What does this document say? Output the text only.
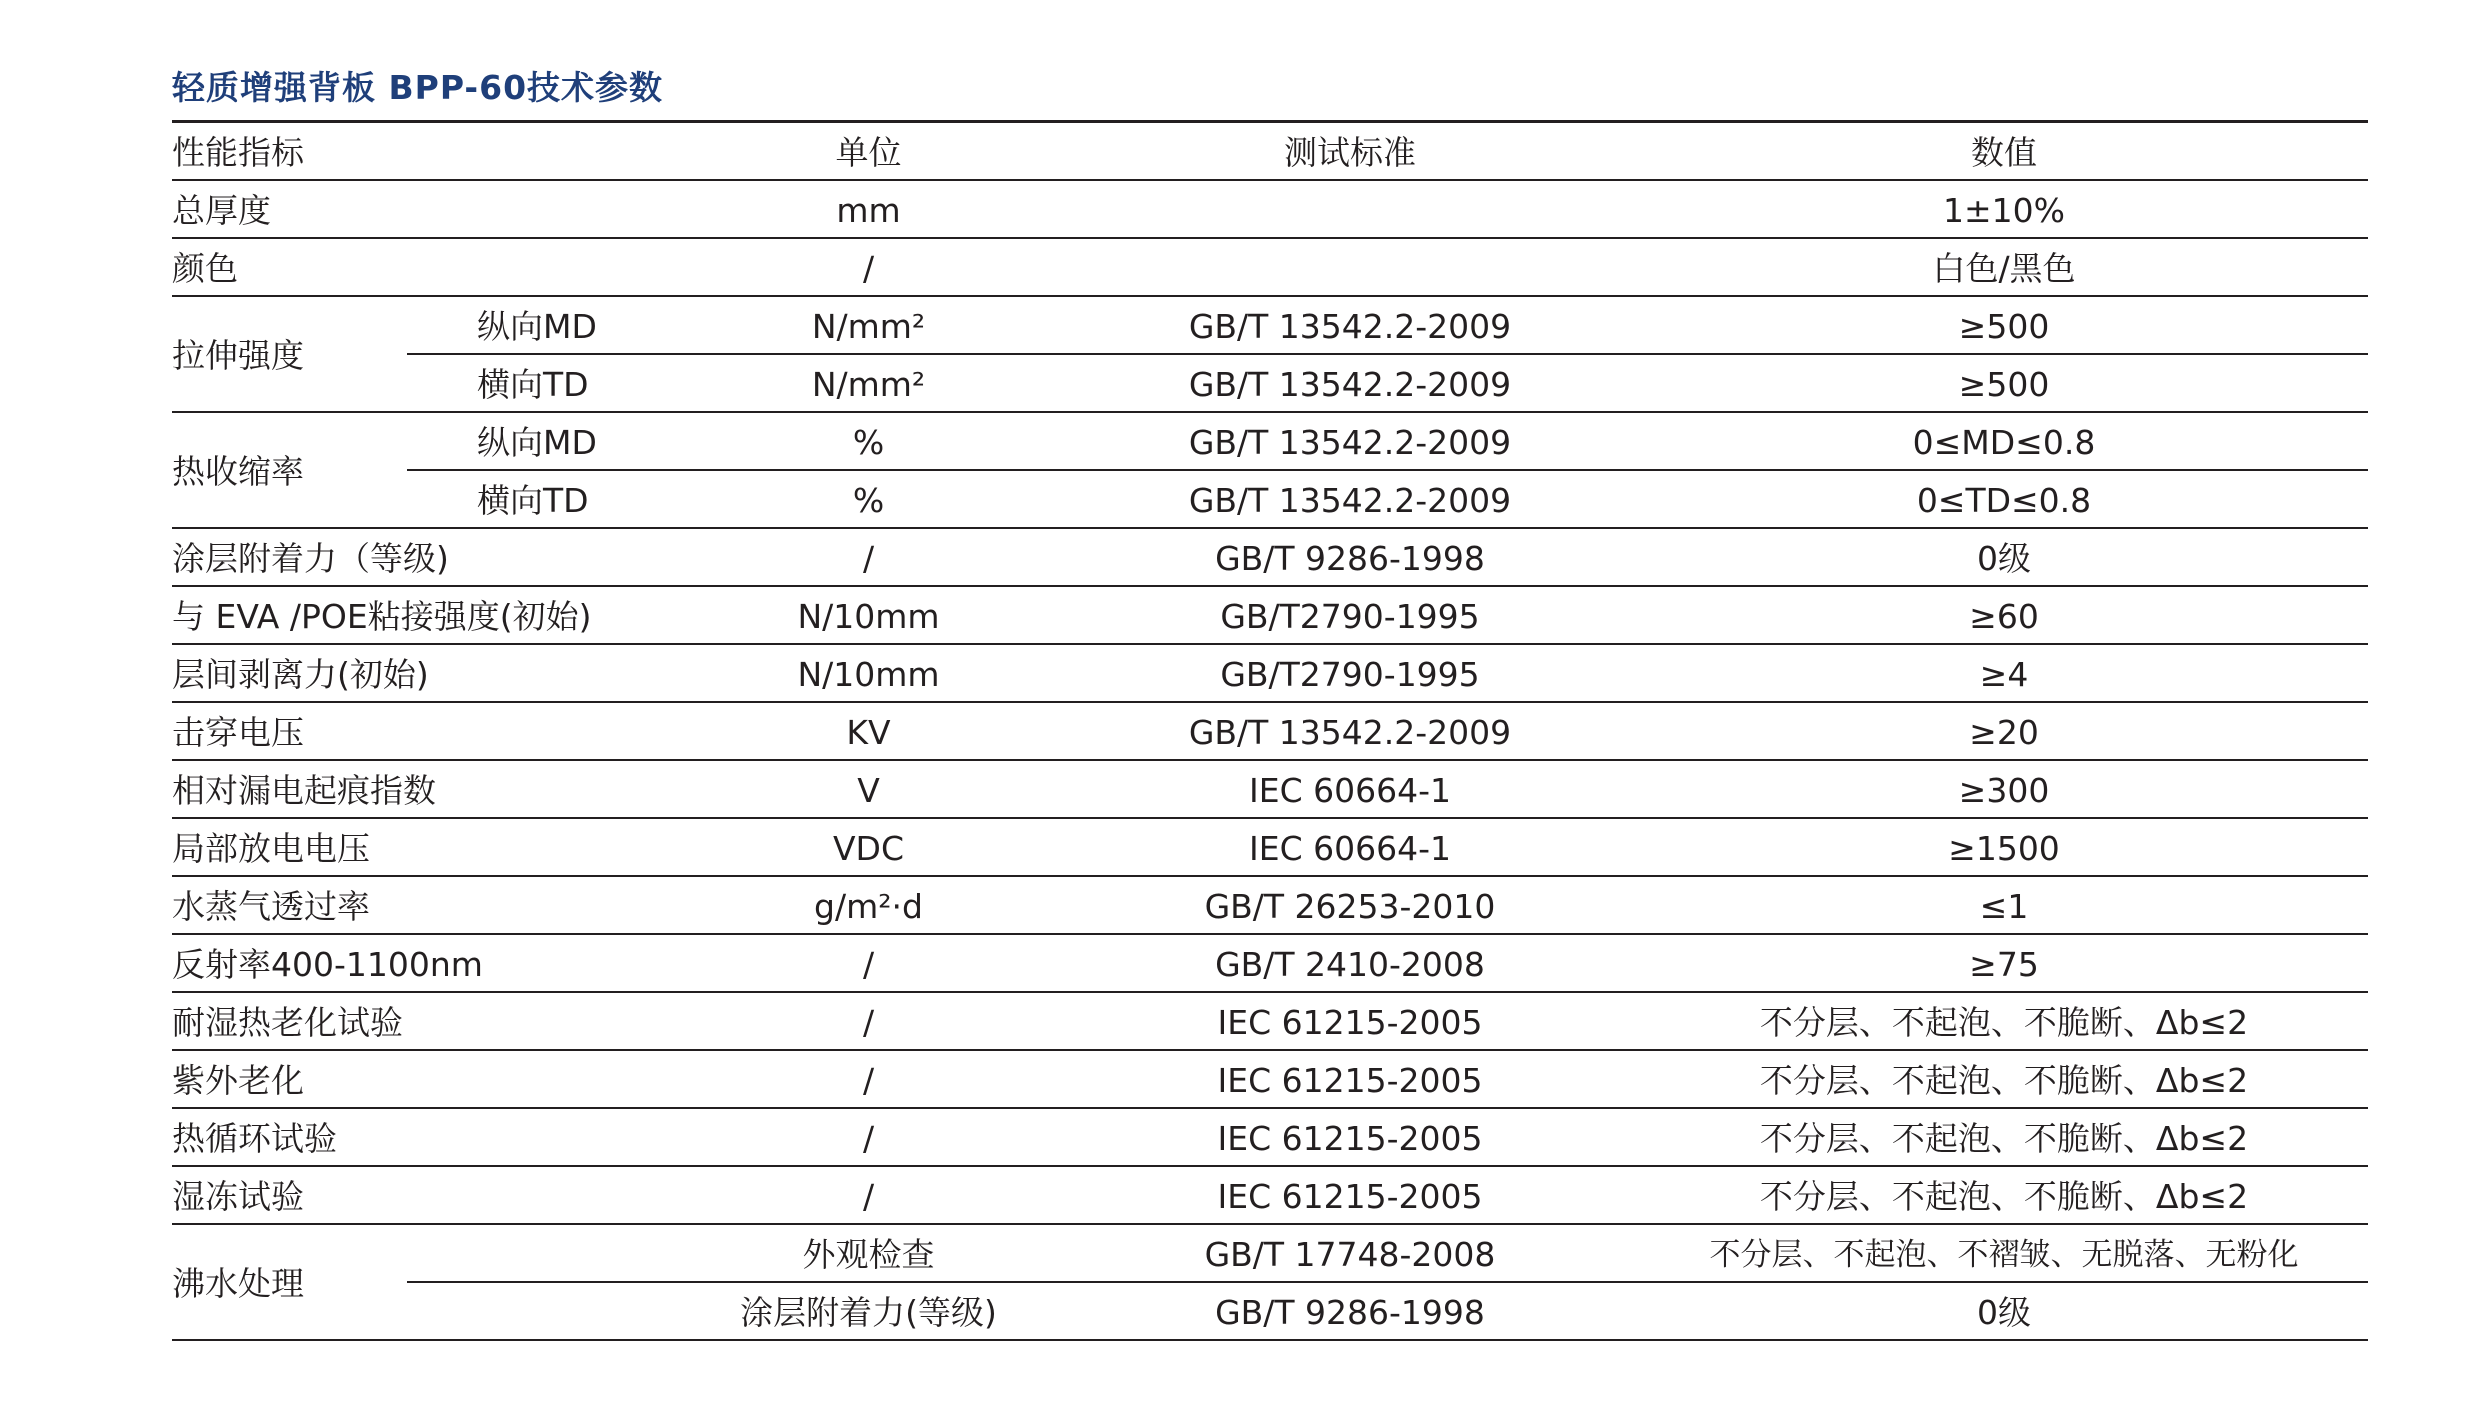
轻质增强背板 BPP-60技术参数
性能指标		单位	测试标准	数值
总厚度		mm		1±10%
颜色		/		白色/黑色
拉伸强度	纵向MD	N/mm²	GB/T 13542.2-2009	≥500
	横向TD	N/mm²	GB/T 13542.2-2009	≥500
热收缩率	纵向MD	%	GB/T 13542.2-2009	0≤MD≤0.8
	横向TD	%	GB/T 13542.2-2009	0≤TD≤0.8
涂层附着力（等级)		/	GB/T 9286-1998	0级
与 EVA /POE粘接强度(初始)		N/10mm	GB/T2790-1995	≥60
层间剥离力(初始)		N/10mm	GB/T2790-1995	≥4
击穿电压		KV	GB/T 13542.2-2009	≥20
相对漏电起痕指数		V	IEC 60664-1	≥300
局部放电电压		VDC	IEC 60664-1	≥1500
水蒸气透过率		g/m²·d	GB/T 26253-2010	≤1
反射率400-1100nm		/	GB/T 2410-2008	≥75
耐湿热老化试验		/	IEC 61215-2005	不分层、不起泡、不脆断、Δb≤2
紫外老化		/	IEC 61215-2005	不分层、不起泡、不脆断、Δb≤2
热循环试验		/	IEC 61215-2005	不分层、不起泡、不脆断、Δb≤2
湿冻试验		/	IEC 61215-2005	不分层、不起泡、不脆断、Δb≤2
沸水处理		外观检查	GB/T 17748-2008	不分层、不起泡、不褶皱、无脱落、无粉化
		涂层附着力(等级)	GB/T 9286-1998	0级
